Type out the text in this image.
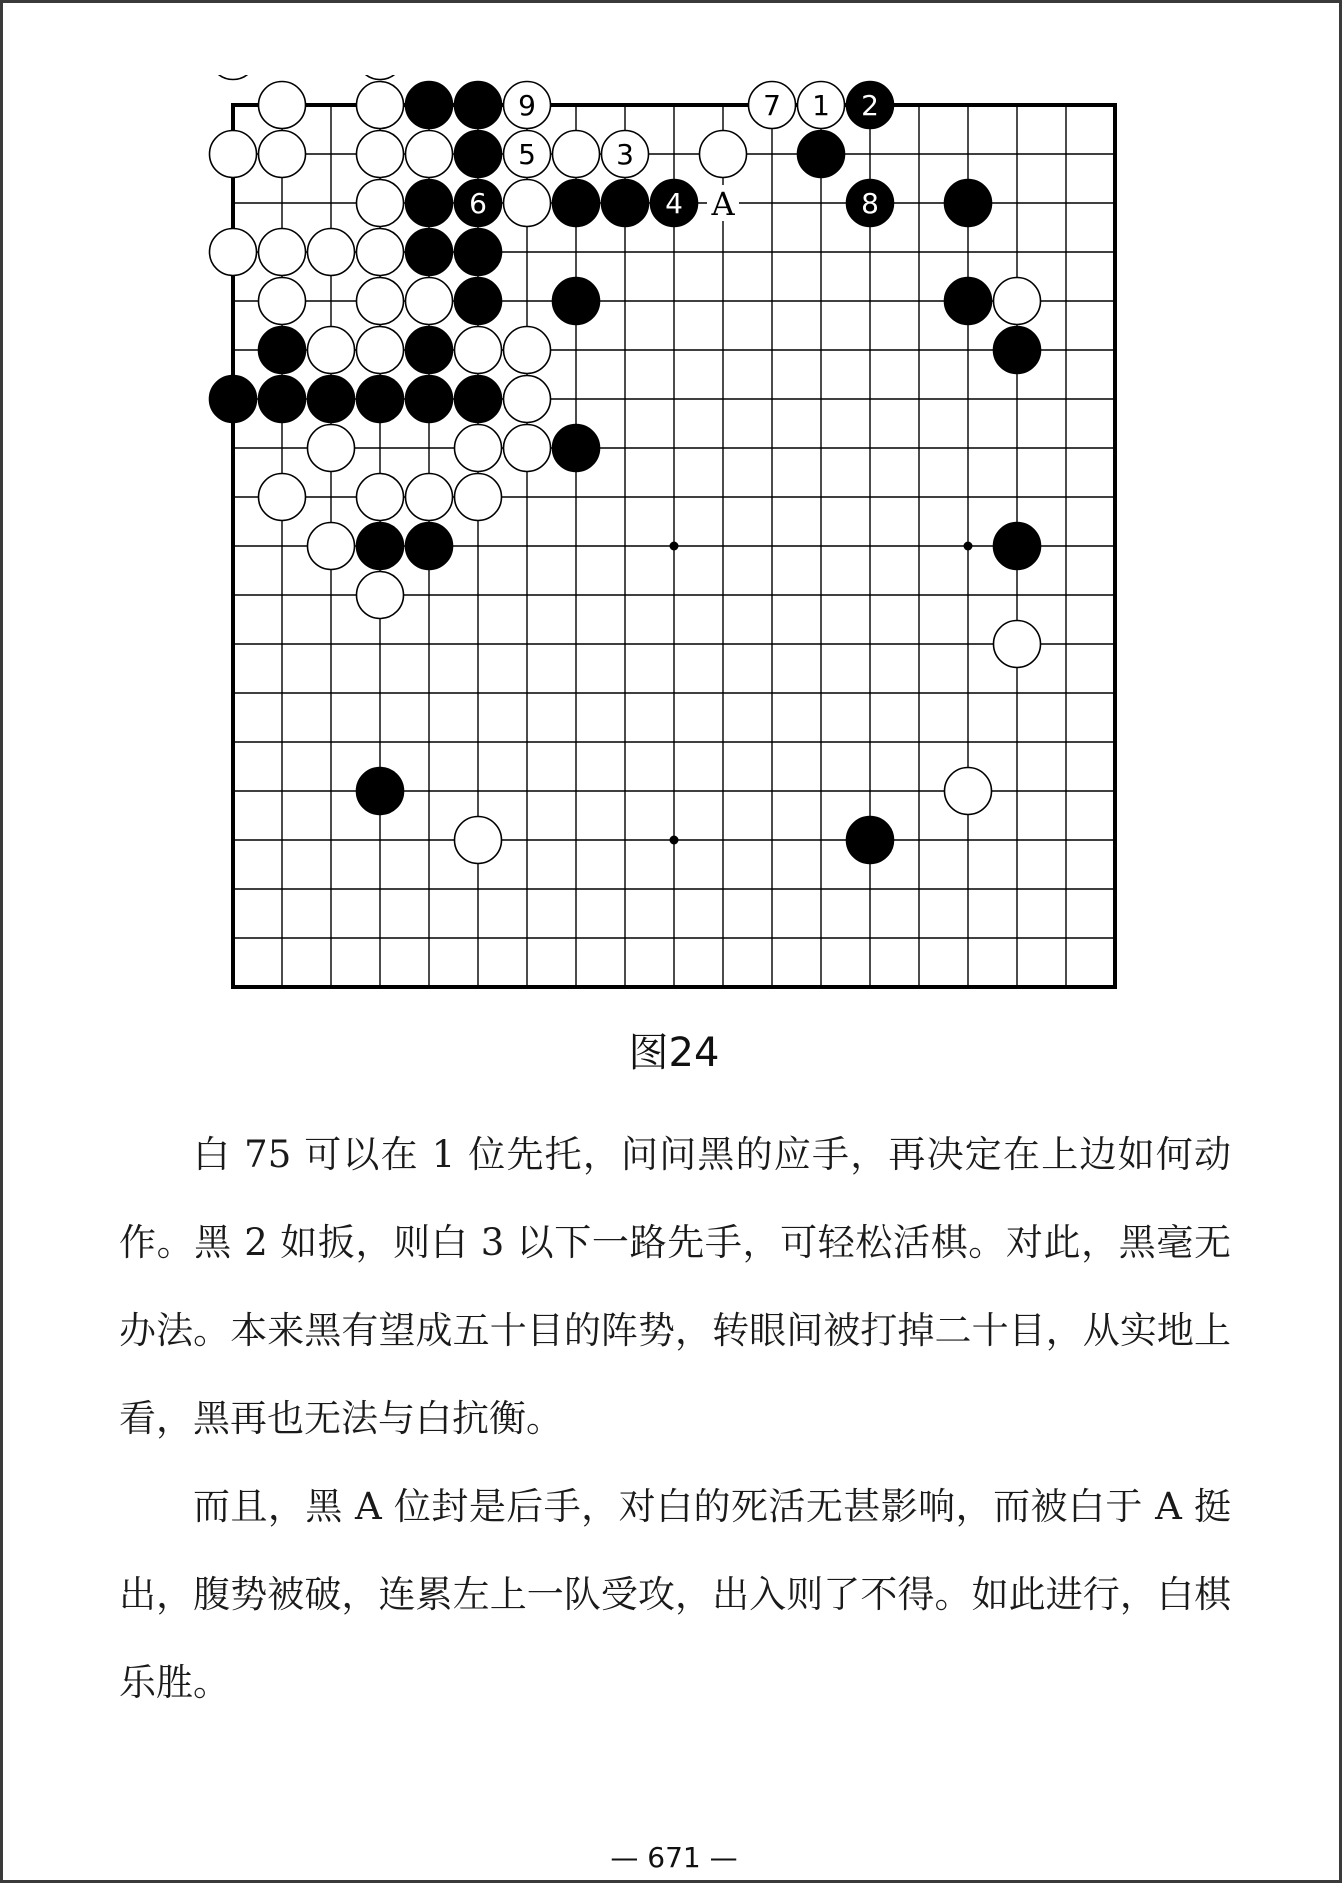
A
9	7 1 2
5	3
6	4	8
图24

白 75 可以在 1 位先托，问问黑的应手，再决定在上边如何动作。黑 2 如扳，则白 3 以下一路先手，可轻松活棋。对此，黑毫无办法。本来黑有望成五十目的阵势，转眼间被打掉二十目，从实地上看，黑再也无法与白抗衡。

而且，黑 A 位封是后手，对白的死活无甚影响，而被白于 A 挺出，腹势被破，连累左上一队受攻，出入则了不得。如此进行，白棋乐胜。

— 671 —
